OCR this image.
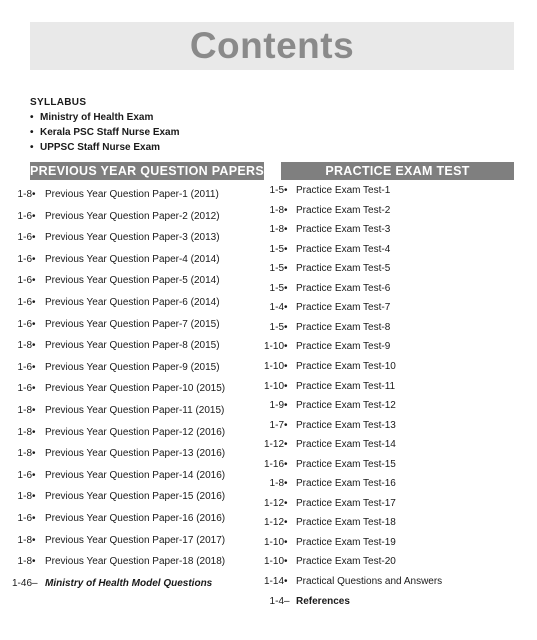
Contents
SYLLABUS
• Ministry of Health Exam
• Kerala PSC Staff Nurse Exam
• UPPSC Staff Nurse Exam
PREVIOUS YEAR QUESTION PAPERS	PRACTICE EXAM TEST
• Previous Year Question Paper-1 (2011)
1-8
• Previous Year Question Paper-2 (2012)
1-6
• Previous Year Question Paper-3 (2013)
1-6
• Previous Year Question Paper-4 (2014)
1-6
• Previous Year Question Paper-5 (2014)
1-6
• Previous Year Question Paper-6 (2014)
1-6
• Previous Year Question Paper-7 (2015)
1-6
• Previous Year Question Paper-8 (2015)
1-8
• Previous Year Question Paper-9 (2015)
1-6
• Previous Year Question Paper-10 (2015)
1-6
• Previous Year Question Paper-11 (2015)
1-8
• Previous Year Question Paper-12 (2016)
1-8
• Previous Year Question Paper-13 (2016)
1-8
• Previous Year Question Paper-14 (2016)
1-6
• Previous Year Question Paper-15 (2016)
1-8
• Previous Year Question Paper-16 (2016)
1-6
• Previous Year Question Paper-17 (2017)
1-8
• Previous Year Question Paper-18 (2018)
1-8
– Ministry of Health Model Questions
1-46
• Practice Exam Test-1
1-5
• Practice Exam Test-2
1-8
• Practice Exam Test-3
1-8
• Practice Exam Test-4
1-5
• Practice Exam Test-5
1-5
• Practice Exam Test-6
1-5
• Practice Exam Test-7
1-4
• Practice Exam Test-8
1-5
• Practice Exam Test-9
1-10
• Practice Exam Test-10
1-10
• Practice Exam Test-11
1-10
• Practice Exam Test-12
1-9
• Practice Exam Test-13
1-7
• Practice Exam Test-14
1-12
• Practice Exam Test-15
1-16
• Practice Exam Test-16
1-8
• Practice Exam Test-17
1-12
• Practice Exam Test-18
1-12
• Practice Exam Test-19
1-10
• Practice Exam Test-20
1-10
• Practical Questions and Answers
1-14
– References
1-4
